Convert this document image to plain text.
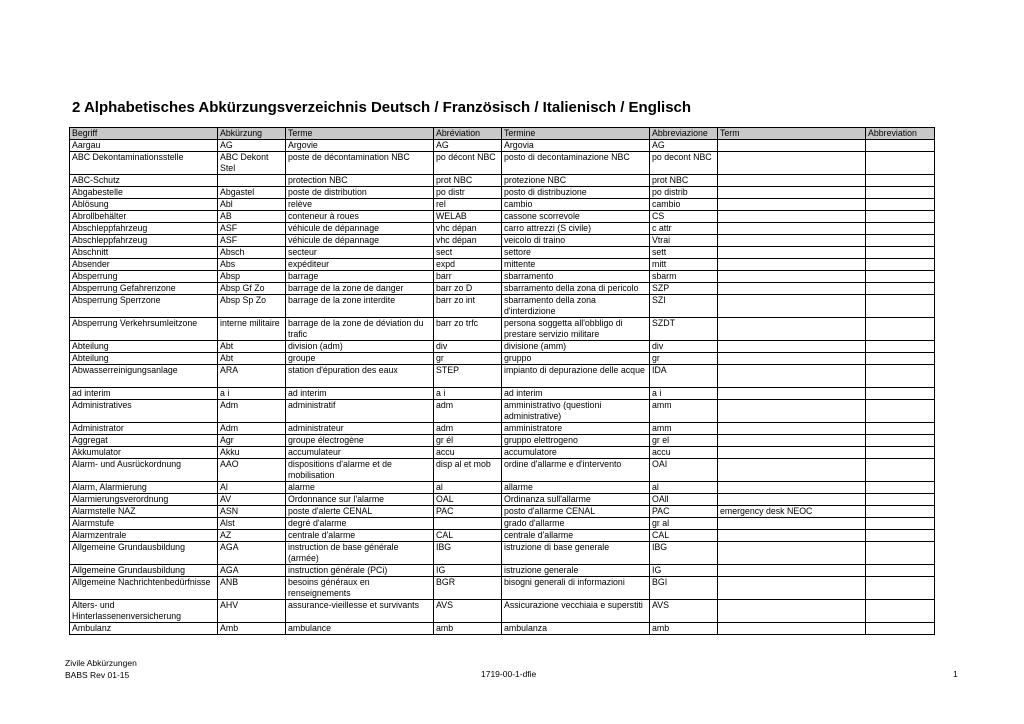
2 Alphabetisches Abkürzungsverzeichnis Deutsch / Französisch / Italienisch / Englisch
Begriff	Abkürzung	Terme	Abréviation	Termine	Abbreviazione	Term	Abbreviation
Aargau	AG	Argovie	AG	Argovia	AG		
ABC Dekontaminationsstelle	ABC Dekont Stel	poste de décontamination NBC	po décont NBC	posto di decontaminazione NBC	po decont NBC		
ABC-Schutz		protection NBC	prot NBC	protezione NBC	prot NBC		
Abgabestelle	Abgastel	poste de distribution	po distr	posto di distribuzione	po distrib		
Ablösung	Abl	relève	rel	cambio	cambio		
Abrollbehälter	AB	conteneur à roues	WELAB	cassone scorrevole	CS		
Abschleppfahrzeug	ASF	véhicule de dépannage	vhc dépan	carro attrezzi (S civile)	c attr		
Abschleppfahrzeug	ASF	véhicule de dépannage	vhc dépan	veicolo di traino	Vtrai		
Abschnitt	Absch	secteur	sect	settore	sett		
Absender	Abs	expéditeur	expd	mittente	mitt		
Absperrung	Absp	barrage	barr	sbarramento	sbarm		
Absperrung Gefahrenzone	Absp Gf Zo	barrage de la zone de danger	barr zo D	sbarramento della zona di pericolo	SZP		
Absperrung Sperrzone	Absp Sp Zo	barrage de la zone interdite	barr zo int	sbarramento della zona d'interdizione	SZI		
Absperrung Verkehrsumleitzone	interne militaire	barrage de la zone de déviation du trafic	barr zo trfc	persona soggetta all'obbligo di prestare servizio militare	SZDT		
Abteilung	Abt	division (adm)	div	divisione (amm)	div		
Abteilung	Abt	groupe	gr	gruppo	gr		
Abwasserreinigungsanlage	ARA	station d'épuration des eaux	STEP	impianto di depurazione delle acque	IDA		
ad interim	a i	ad interim	a i	ad interim	a i		
Administratives	Adm	administratif	adm	amministrativo (questioni administrative)	amm		
Administrator	Adm	administrateur	adm	amministratore	amm		
Aggregat	Agr	groupe électrogène	gr él	gruppo elettrogeno	gr el		
Akkumulator	Akku	accumulateur	accu	accumulatore	accu		
Alarm- und Ausrückordnung	AAO	dispositions d'alarme et de mobilisation	disp al et mob	ordine d'allarme e d'intervento	OAI		
Alarm, Alarmierung	Al	alarme	al	allarme	al		
Alarmierungsverordnung	AV	Ordonnance sur l'alarme	OAL	Ordinanza sull'allarme	OAll		
Alarmstelle NAZ	ASN	poste d'alerte CENAL	PAC	posto d'allarme CENAL	PAC	emergency desk NEOC	
Alarmstufe	Alst	degré d'alarme		grado d'allarme	gr al		
Alarmzentrale	AZ	centrale d'alarme	CAL	centrale d'allarme	CAL		
Allgemeine Grundausbildung	AGA	instruction de base générale (armée)	IBG	istruzione di base generale	IBG		
Allgemeine Grundausbildung	AGA	instruction générale (PCi)	IG	istruzione generale	IG		
Allgemeine Nachrichtenbedürfnisse	ANB	besoins généraux en renseignements	BGR	bisogni generali di informazioni	BGI		
Alters- und Hinterlassenenversicherung	AHV	assurance-vieillesse et survivants	AVS	Assicurazione vecchiaia e superstiti	AVS		
Ambulanz	Amb	ambulance	amb	ambulanza	amb		
Zivile Abkürzungen
BABS Rev 01-15	1719-00-1-dfie	1
